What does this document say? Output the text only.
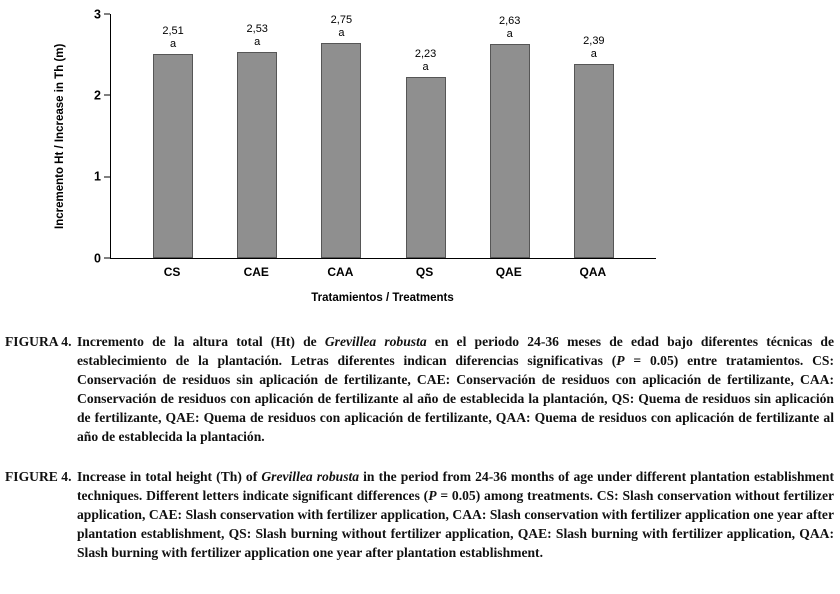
Incremento Ht / Increase in Th (m)
0
1
2
3
2,51
a
2,53
a
2,75
a
2,23
a
2,63
a
2,39
a
CS	CAE	CAA	QS	QAE	QAA
Tratamientos / Treatments
FIGURA 4. Incremento de la altura total (Ht) de Grevillea robusta en el periodo 24-36 meses de edad bajo diferentes técnicas de establecimiento de la plantación. Letras diferentes indican diferencias significativas (P = 0.05) entre tratamientos. CS: Conservación de residuos sin aplicación de fertilizante, CAE: Conservación de residuos con aplicación de fertilizante, CAA: Conservación de residuos con aplicación de fertilizante al año de establecida la plantación, QS: Quema de residuos sin aplicación de fertilizante, QAE: Quema de residuos con aplicación de fertilizante, QAA: Quema de residuos con aplicación de fertilizante al año de establecida la plantación.
FIGURE 4. Increase in total height (Th) of Grevillea robusta in the period from 24-36 months of age under different plantation establishment techniques. Different letters indicate significant differences (P = 0.05) among treatments. CS: Slash conservation without fertilizer application, CAE: Slash conservation with fertilizer application, CAA: Slash conservation with fertilizer application one year after plantation establishment, QS: Slash burning without fertilizer application, QAE: Slash burning with fertilizer application, QAA: Slash burning with fertilizer application one year after plantation establishment.
